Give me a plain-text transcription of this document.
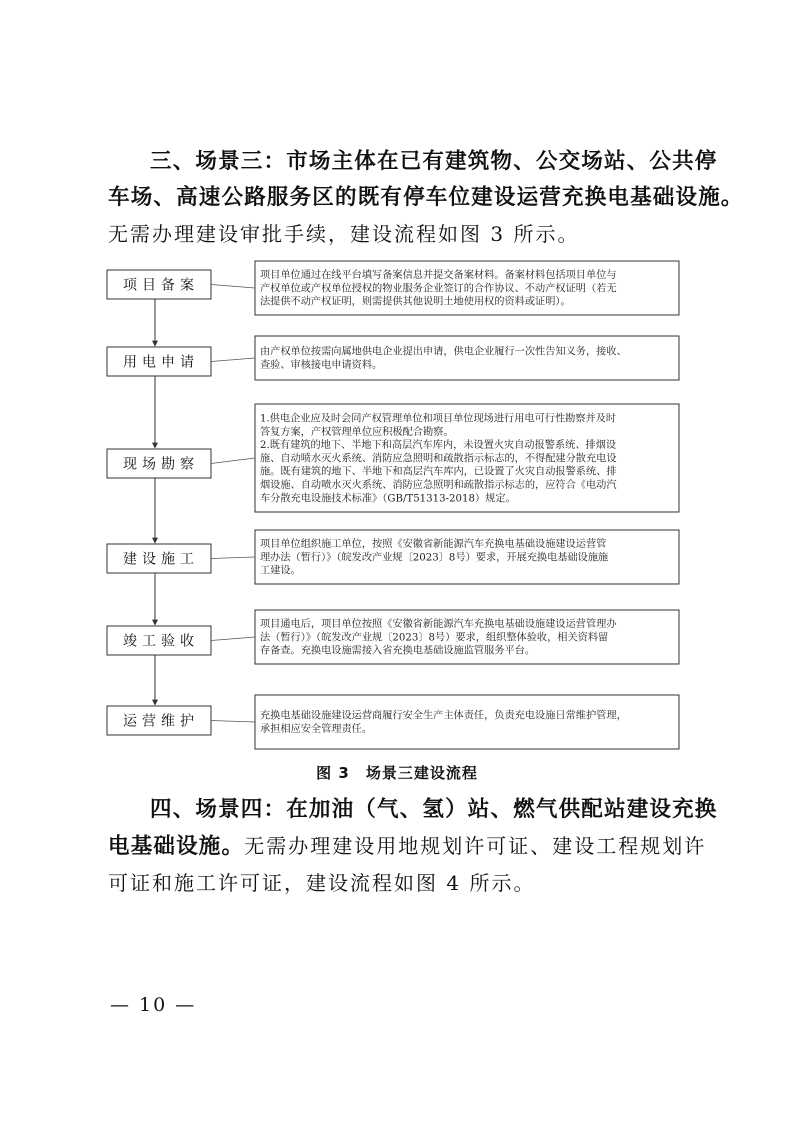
三、场景三：市场主体在已有建筑物、公交场站、公共停
车场、高速公路服务区的既有停车位建设运营充换电基础设施。
无需办理建设审批手续，建设流程如图 3 所示。
项目备案
项目单位通过在线平台填写备案信息并提交备案材料。备案材料包括项目单位与
产权单位或产权单位授权的物业服务企业签订的合作协议、不动产权证明（若无
法提供不动产权证明，则需提供其他说明土地使用权的资料或证明）。
用电申请
由产权单位按需向属地供电企业提出申请，供电企业履行一次性告知义务，接收、
查验、审核接电申请资料。
现场勘察
1.供电企业应及时会同产权管理单位和项目单位现场进行用电可行性勘察并及时
答复方案，产权管理单位应积极配合勘察。
2.既有建筑的地下、半地下和高层汽车库内，未设置火灾自动报警系统、排烟设
施、自动喷水灭火系统、消防应急照明和疏散指示标志的，不得配建分散充电设
施。既有建筑的地下、半地下和高层汽车库内，已设置了火灾自动报警系统、排
烟设施、自动喷水灭火系统、消防应急照明和疏散指示标志的，应符合《电动汽
车分散充电设施技术标准》（GB/T51313-2018）规定。
建设施工
项目单位组织施工单位，按照《安徽省新能源汽车充换电基础设施建设运营管
理办法（暂行）》（皖发改产业规〔2023〕8号）要求，开展充换电基础设施施
工建设。
竣工验收
项目通电后，项目单位按照《安徽省新能源汽车充换电基础设施建设运营管理办
法（暂行）》（皖发改产业规〔2023〕8号）要求，组织整体验收，相关资料留
存备查。充换电设施需接入省充换电基础设施监管服务平台。
运营维护	充换电基础设施建设运营商履行安全生产主体责任，负责充电设施日常维护管理，
承担相应安全管理责任。
图 3　场景三建设流程
四、场景四：在加油（气、氢）站、燃气供配站建设充换
电基础设施。无需办理建设用地规划许可证、建设工程规划许
可证和施工许可证，建设流程如图 4 所示。
— 10 —
